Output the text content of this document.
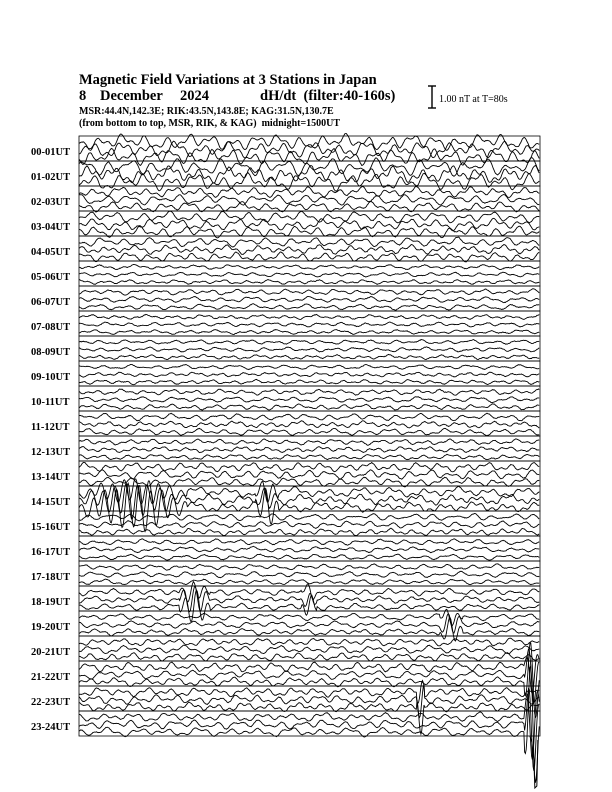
Magnetic Field Variations at 3 Stations in Japan
8 December 2024	dH/dt (filter:40-160s)
MSR:44.4N,142.3E; RIK:43.5N,143.8E; KAG:31.5N,130.7E
(from bottom to top, MSR, RIK, & KAG) midnight=1500UT
1.00 nT at T=80s
00-01UT
01-02UT
02-03UT
03-04UT
04-05UT
05-06UT
06-07UT
07-08UT
08-09UT
09-10UT
10-11UT
11-12UT
12-13UT
13-14UT
14-15UT
15-16UT
16-17UT
17-18UT
18-19UT
19-20UT
20-21UT
21-22UT
22-23UT
23-24UT
